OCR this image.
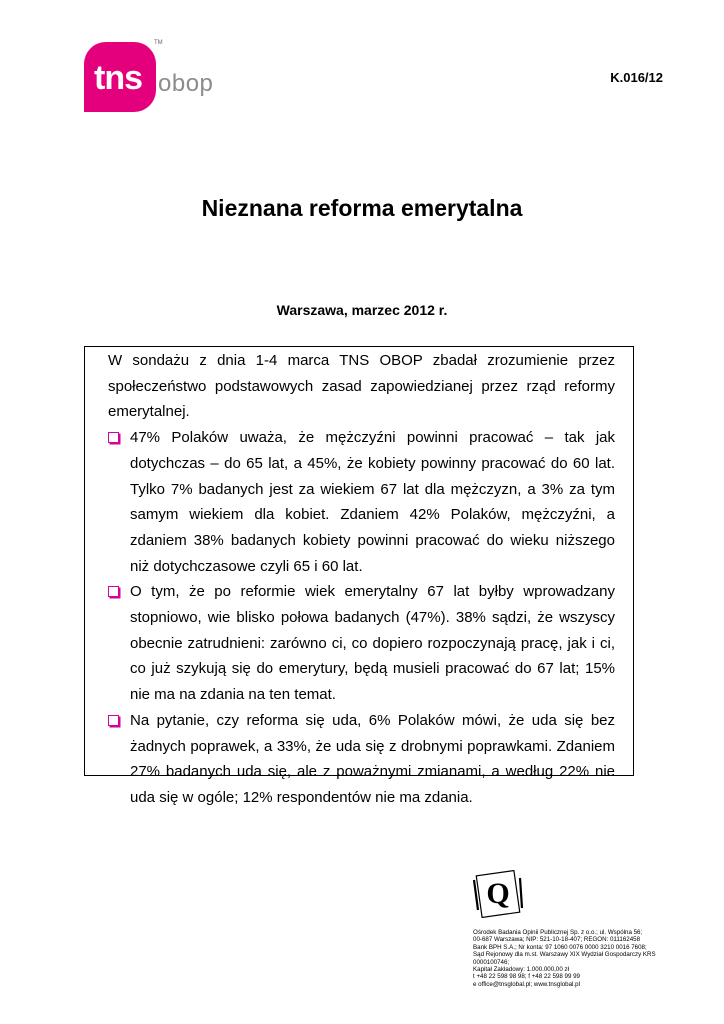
tns
TM
obop	K.016/12
Nieznana reforma emerytalna
Warszawa, marzec 2012 r.

W sondażu z dnia 1-4 marca TNS OBOP zbadał zrozumienie przez społeczeństwo podstawowych zasad zapowiedzianej przez rząd reformy emerytalnej.

47% Polaków uważa, że mężczyźni powinni pracować – tak jak dotychczas – do 65 lat, a 45%, że kobiety powinny pracować do 60 lat. Tylko 7% badanych jest za wiekiem 67 lat dla mężczyzn, a 3% za tym samym wiekiem dla kobiet. Zdaniem 42% Polaków, mężczyźni, a zdaniem 38% badanych kobiety powinni pracować do wieku niższego niż dotychczasowe czyli 65 i 60 lat.
O tym, że po reformie wiek emerytalny 67 lat byłby wprowadzany stopniowo, wie blisko połowa badanych (47%). 38% sądzi, że wszyscy obecnie zatrudnieni: zarówno ci, co dopiero rozpoczynają pracę, jak i ci, co już szykują się do emerytury, będą musieli pracować do 67 lat; 15% nie ma na zdania na ten temat.
Na pytanie, czy reforma się uda, 6% Polaków mówi, że uda się bez żadnych poprawek, a 33%, że uda się z drobnymi poprawkami. Zdaniem 27% badanych uda się, ale z poważnymi zmianami, a według 22% nie uda się w ogóle; 12% respondentów nie ma zdania.
Q
Ośrodek Badania Opinii Publicznej Sp. z o.o.; ul. Wspólna 56;
00-687 Warszawa; NIP: 521-10-18-407; REGON: 011162458
Bank BPH S.A.; Nr konta: 97 1060 0076 0000 3210 0016 7608;
Sąd Rejonowy dla m.st. Warszawy XIX Wydział Gospodarczy KRS
0000100746;
Kapitał Zakładowy: 1.000.000,00 zł
t +48 22 598 98 98; f +48 22 598 99 99
e office@tnsglobal.pl; www.tnsglobal.pl
